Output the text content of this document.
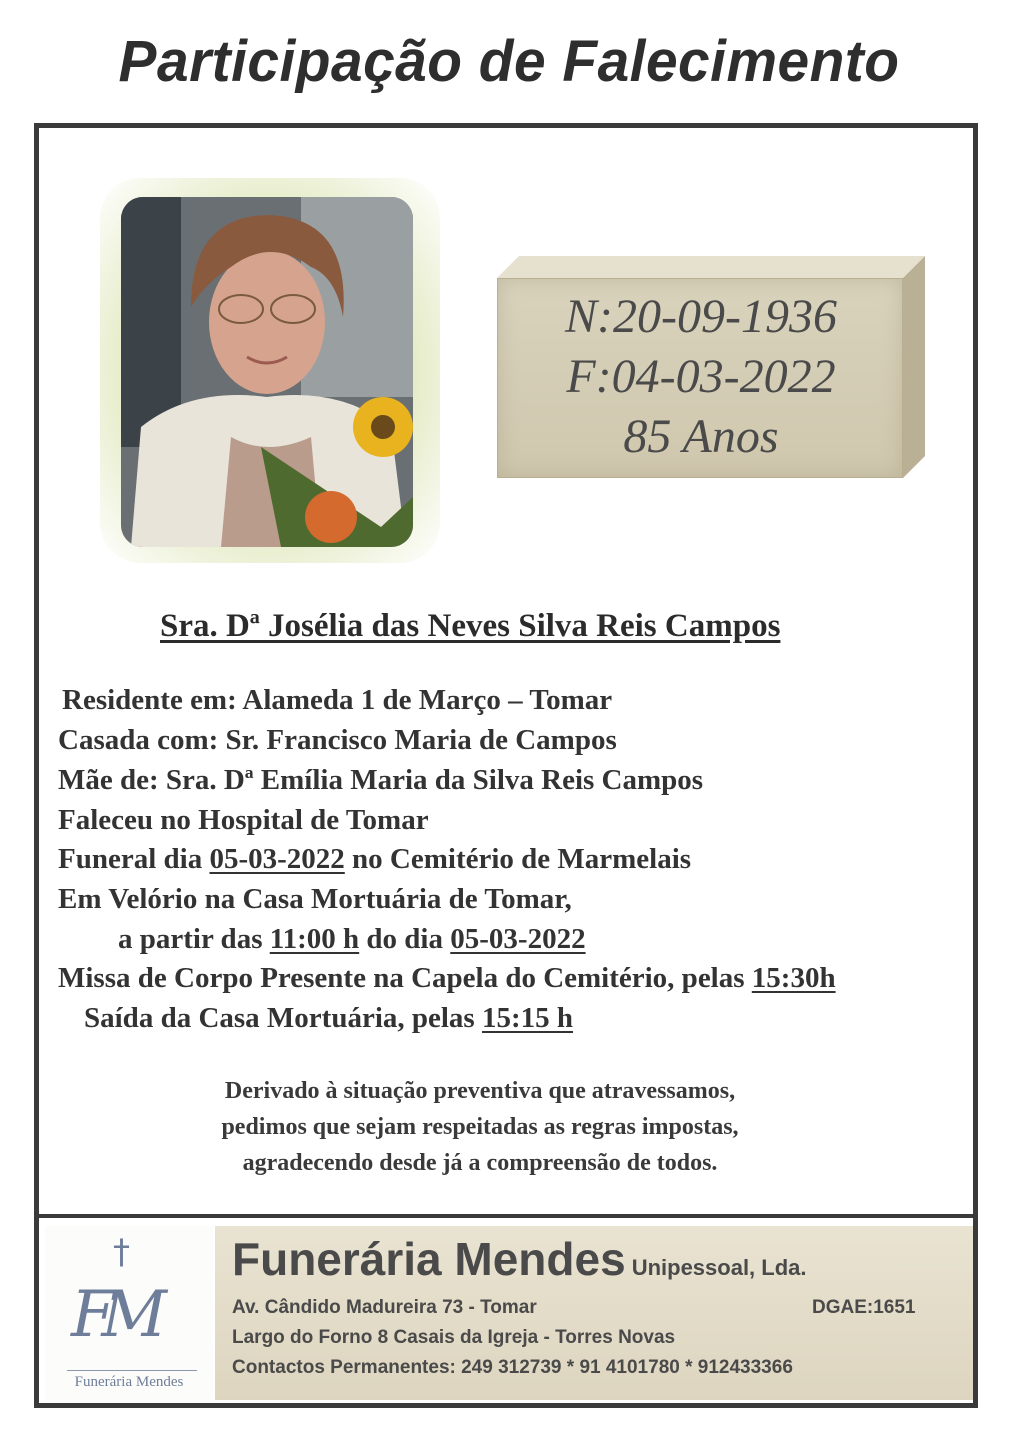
Participação de Falecimento
N:20-09-1936
F:04-03-2022
85 Anos
Sra. Dª Josélia das Neves Silva Reis Campos
Residente em: Alameda 1 de Março – Tomar
Casada com: Sr. Francisco Maria de Campos
Mãe de: Sra. Dª Emília Maria da Silva Reis Campos
Faleceu no Hospital de Tomar
Funeral dia 05-03-2022 no Cemitério de Marmelais
Em Velório na Casa Mortuária de Tomar,
a partir das 11:00 h do dia 05-03-2022
Missa de Corpo Presente na Capela do Cemitério, pelas 15:30h
Saída da Casa Mortuária, pelas 15:15 h
Derivado à situação preventiva que atravessamos,
pedimos que sejam respeitadas as regras impostas,
agradecendo desde já a compreensão de todos.
†
FM
Funerária Mendes
Funerária Mendes Unipessoal, Lda.
Av. Cândido Madureira 73 - Tomar	DGAE:1651
Largo do Forno 8 Casais da Igreja - Torres Novas
Contactos Permanentes: 249 312739 * 91 4101780 * 912433366
